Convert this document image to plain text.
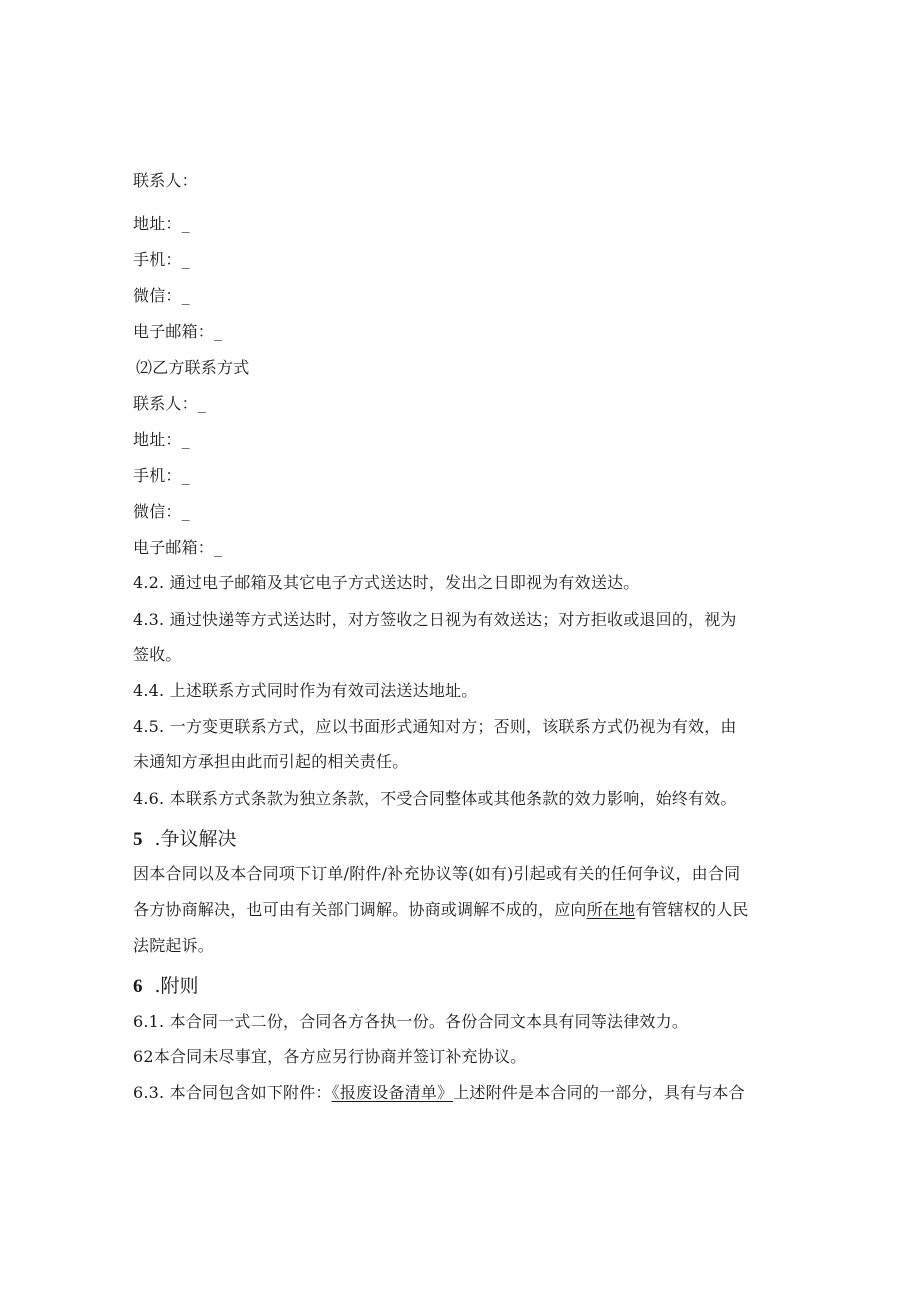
联系人：
地址：_
手机：_
微信：_
电子邮箱：_
⑵乙方联系方式
联系人：_
地址：_
手机：_
微信：_
电子邮箱：_
4.2. 通过电子邮箱及其它电子方式送达时，发出之日即视为有效送达。
4.3. 通过快递等方式送达时，对方签收之日视为有效送达；对方拒收或退回的，视为
签收。
4.4. 上述联系方式同时作为有效司法送达地址。
4.5. 一方变更联系方式，应以书面形式通知对方；否则，该联系方式仍视为有效，由
未通知方承担由此而引起的相关责任。
4.6. 本联系方式条款为独立条款，不受合同整体或其他条款的效力影响，始终有效。
5 .争议解决
因本合同以及本合同项下订单/附件/补充协议等(如有)引起或有关的任何争议，由合同
各方协商解决，也可由有关部门调解。协商或调解不成的，应向所在地有管辖权的人民
法院起诉。
6 .附则
6.1. 本合同一式二份，合同各方各执一份。各份合同文本具有同等法律效力。
62本合同未尽事宜，各方应另行协商并签订补充协议。
6.3. 本合同包含如下附件：《报废设备清单》上述附件是本合同的一部分，具有与本合
